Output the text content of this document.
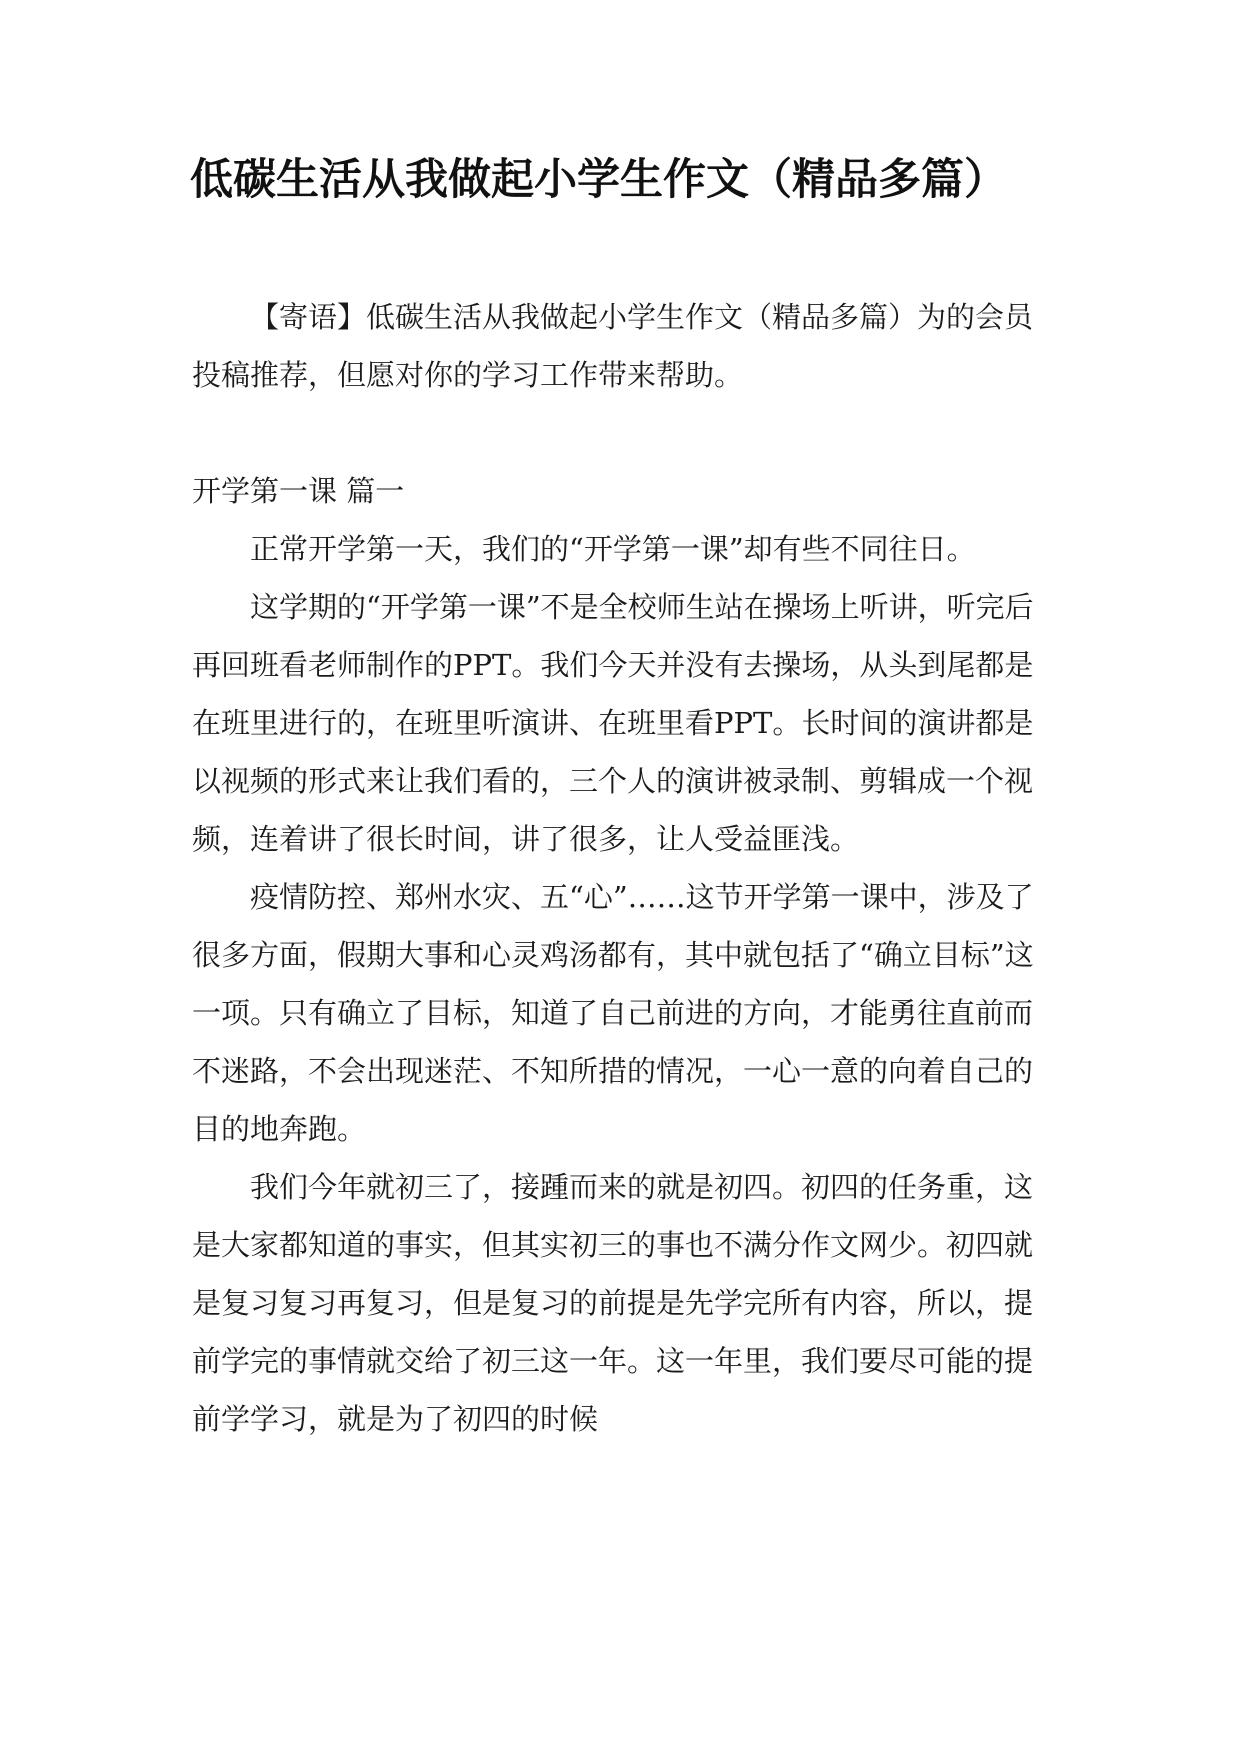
低碳生活从我做起小学生作文（精品多篇）

【寄语】低碳生活从我做起小学生作文（精品多篇）为的会员投稿推荐，但愿对你的学习工作带来帮助。

开学第一课 篇一

正常开学第一天，我们的“开学第一课”却有些不同往日。

这学期的“开学第一课”不是全校师生站在操场上听讲，听完后再回班看老师制作的PPT。我们今天并没有去操场，从头到尾都是在班里进行的，在班里听演讲、在班里看PPT。长时间的演讲都是以视频的形式来让我们看的，三个人的演讲被录制、剪辑成一个视频，连着讲了很长时间，讲了很多，让人受益匪浅。

疫情防控、郑州水灾、五“心”……这节开学第一课中，涉及了很多方面，假期大事和心灵鸡汤都有，其中就包括了“确立目标”这一项。只有确立了目标，知道了自己前进的方向，才能勇往直前而不迷路，不会出现迷茫、不知所措的情况，一心一意的向着自己的目的地奔跑。

我们今年就初三了，接踵而来的就是初四。初四的任务重，这是大家都知道的事实，但其实初三的事也不满分作文网少。初四就是复习复习再复习，但是复习的前提是先学完所有内容，所以，提前学完的事情就交给了初三这一年。这一年里，我们要尽可能的提前学学习，就是为了初四的时候
